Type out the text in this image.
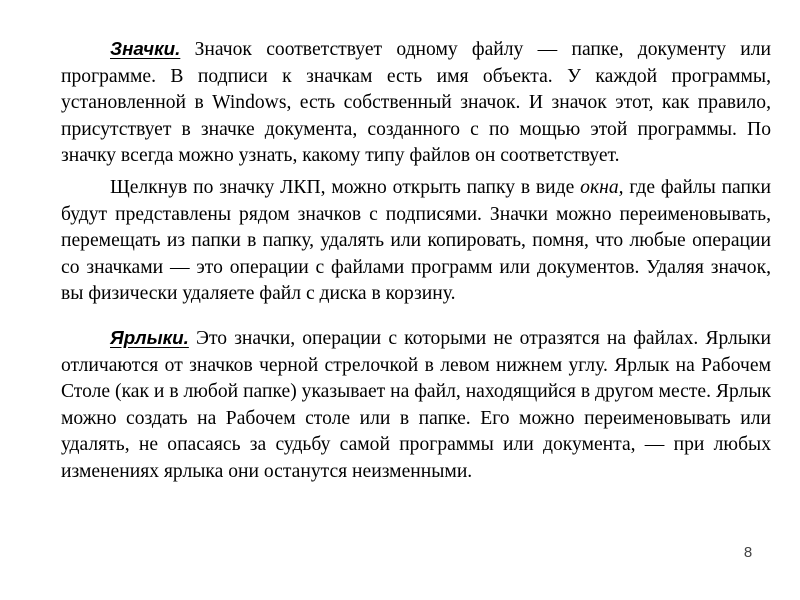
Значки. Значок соответствует одному файлу — папке, документу или программе. В подписи к значкам есть имя объекта. У каждой программы, установленной в Windows, есть собственный значок. И значок этот, как правило, присутствует в значке документа, созданного с по мощью этой программы. По значку всегда можно узнать, какому типу файлов он соответствует.

Щелкнув по значку ЛКП, можно открыть папку в виде окна, где файлы папки будут представлены рядом значков с подписями. Значки можно переименовывать, перемещать из папки в папку, удалять или копировать, помня, что любые операции со значками — это операции с файлами программ или документов. Удаляя значок, вы физически удаляете файл с диска в корзину.

Ярлыки. Это значки, операции с которыми не отразятся на файлах. Ярлыки отличаются от значков черной стрелочкой в левом нижнем углу. Ярлык на Рабочем Столе (как и в любой папке) указывает на файл, находящийся в другом месте. Ярлык можно создать на Рабочем столе или в папке. Его можно переименовывать или удалять, не опасаясь за судьбу самой программы или документа, — при любых изменениях ярлыка они останутся неизменными.

8
